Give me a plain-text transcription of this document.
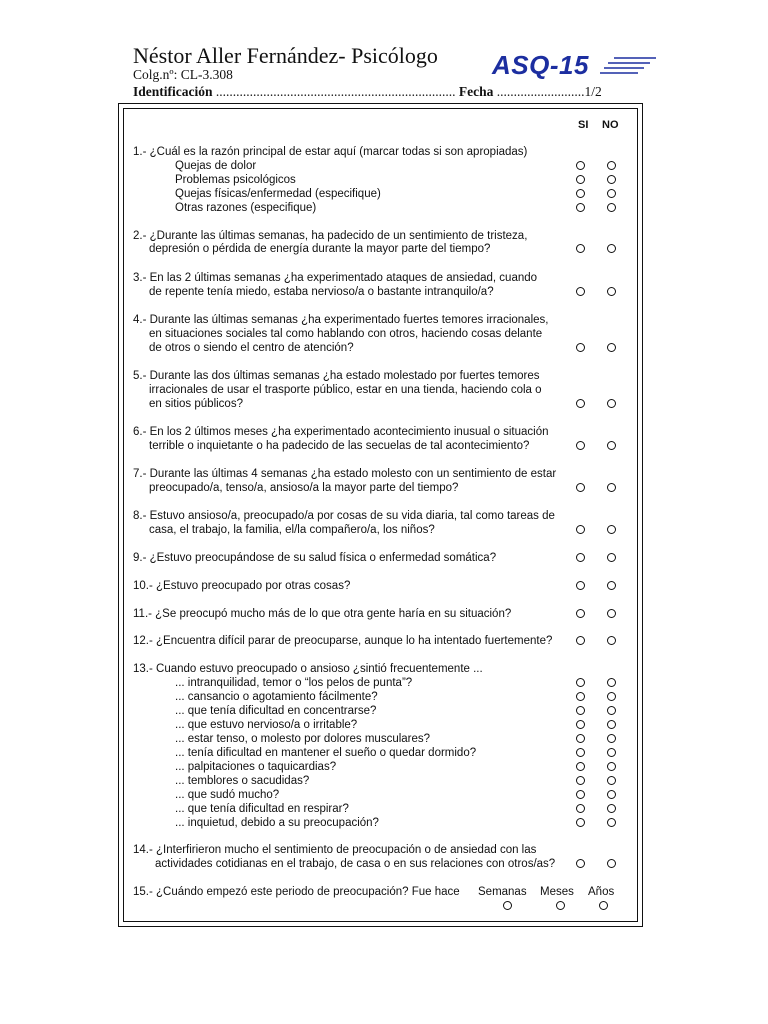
Néstor Aller Fernández- Psicólogo
Colg.nº: CL-3.308
Identificación ....................................................................... Fecha ..........................1/2
ASQ-15
SI NO
1.- ¿Cuál es la razón principal de estar aquí (marcar todas si son apropiadas)
Quejas de dolor
Problemas psicológicos
Quejas físicas/enfermedad (especifique)
Otras razones (especifique)
2.- ¿Durante las últimas semanas, ha padecido de un sentimiento de tristeza,
depresión o pérdida de energía durante la mayor parte del tiempo?
3.- En las 2 últimas semanas ¿ha experimentado ataques de ansiedad, cuando
de repente tenía miedo, estaba nervioso/a o bastante intranquilo/a?
4.- Durante las últimas semanas ¿ha experimentado fuertes temores irracionales,
en situaciones sociales tal como hablando con otros, haciendo cosas delante
de otros o siendo el centro de atención?
5.- Durante las dos últimas semanas ¿ha estado molestado por fuertes temores
irracionales de usar el trasporte público, estar en una tienda, haciendo cola o
en sitios públicos?
6.- En los 2 últimos meses ¿ha experimentado acontecimiento inusual o situación
terrible o inquietante o ha padecido de las secuelas de tal acontecimiento?
7.- Durante las últimas 4 semanas ¿ha estado molesto con un sentimiento de estar
preocupado/a, tenso/a, ansioso/a la mayor parte del tiempo?
8.- Estuvo ansioso/a, preocupado/a por cosas de su vida diaria, tal como tareas de
casa, el trabajo, la familia, el/la compañero/a, los niños?
9.- ¿Estuvo preocupándose de su salud física o enfermedad somática?
10.- ¿Estuvo preocupado por otras cosas?
11.- ¿Se preocupó mucho más de lo que otra gente haría en su situación?
12.- ¿Encuentra difícil parar de preocuparse, aunque lo ha intentado fuertemente?
13.- Cuando estuvo preocupado o ansioso ¿sintió frecuentemente ...
... intranquilidad, temor o “los pelos de punta”?
... cansancio o agotamiento fácilmente?
... que tenía dificultad en concentrarse?
... que estuvo nervioso/a o irritable?
... estar tenso, o molesto por dolores musculares?
... tenía dificultad en mantener el sueño o quedar dormido?
... palpitaciones o taquicardias?
... temblores o sacudidas?
... que sudó mucho?
... que tenía dificultad en respirar?
... inquietud, debido a su preocupación?
14.- ¿Interfirieron mucho el sentimiento de preocupación o de ansiedad con las
actividades cotidianas en el trabajo, de casa o en sus relaciones con otros/as?
15.- ¿Cuándo empezó este periodo de preocupación? Fue hace Semanas Meses Años
